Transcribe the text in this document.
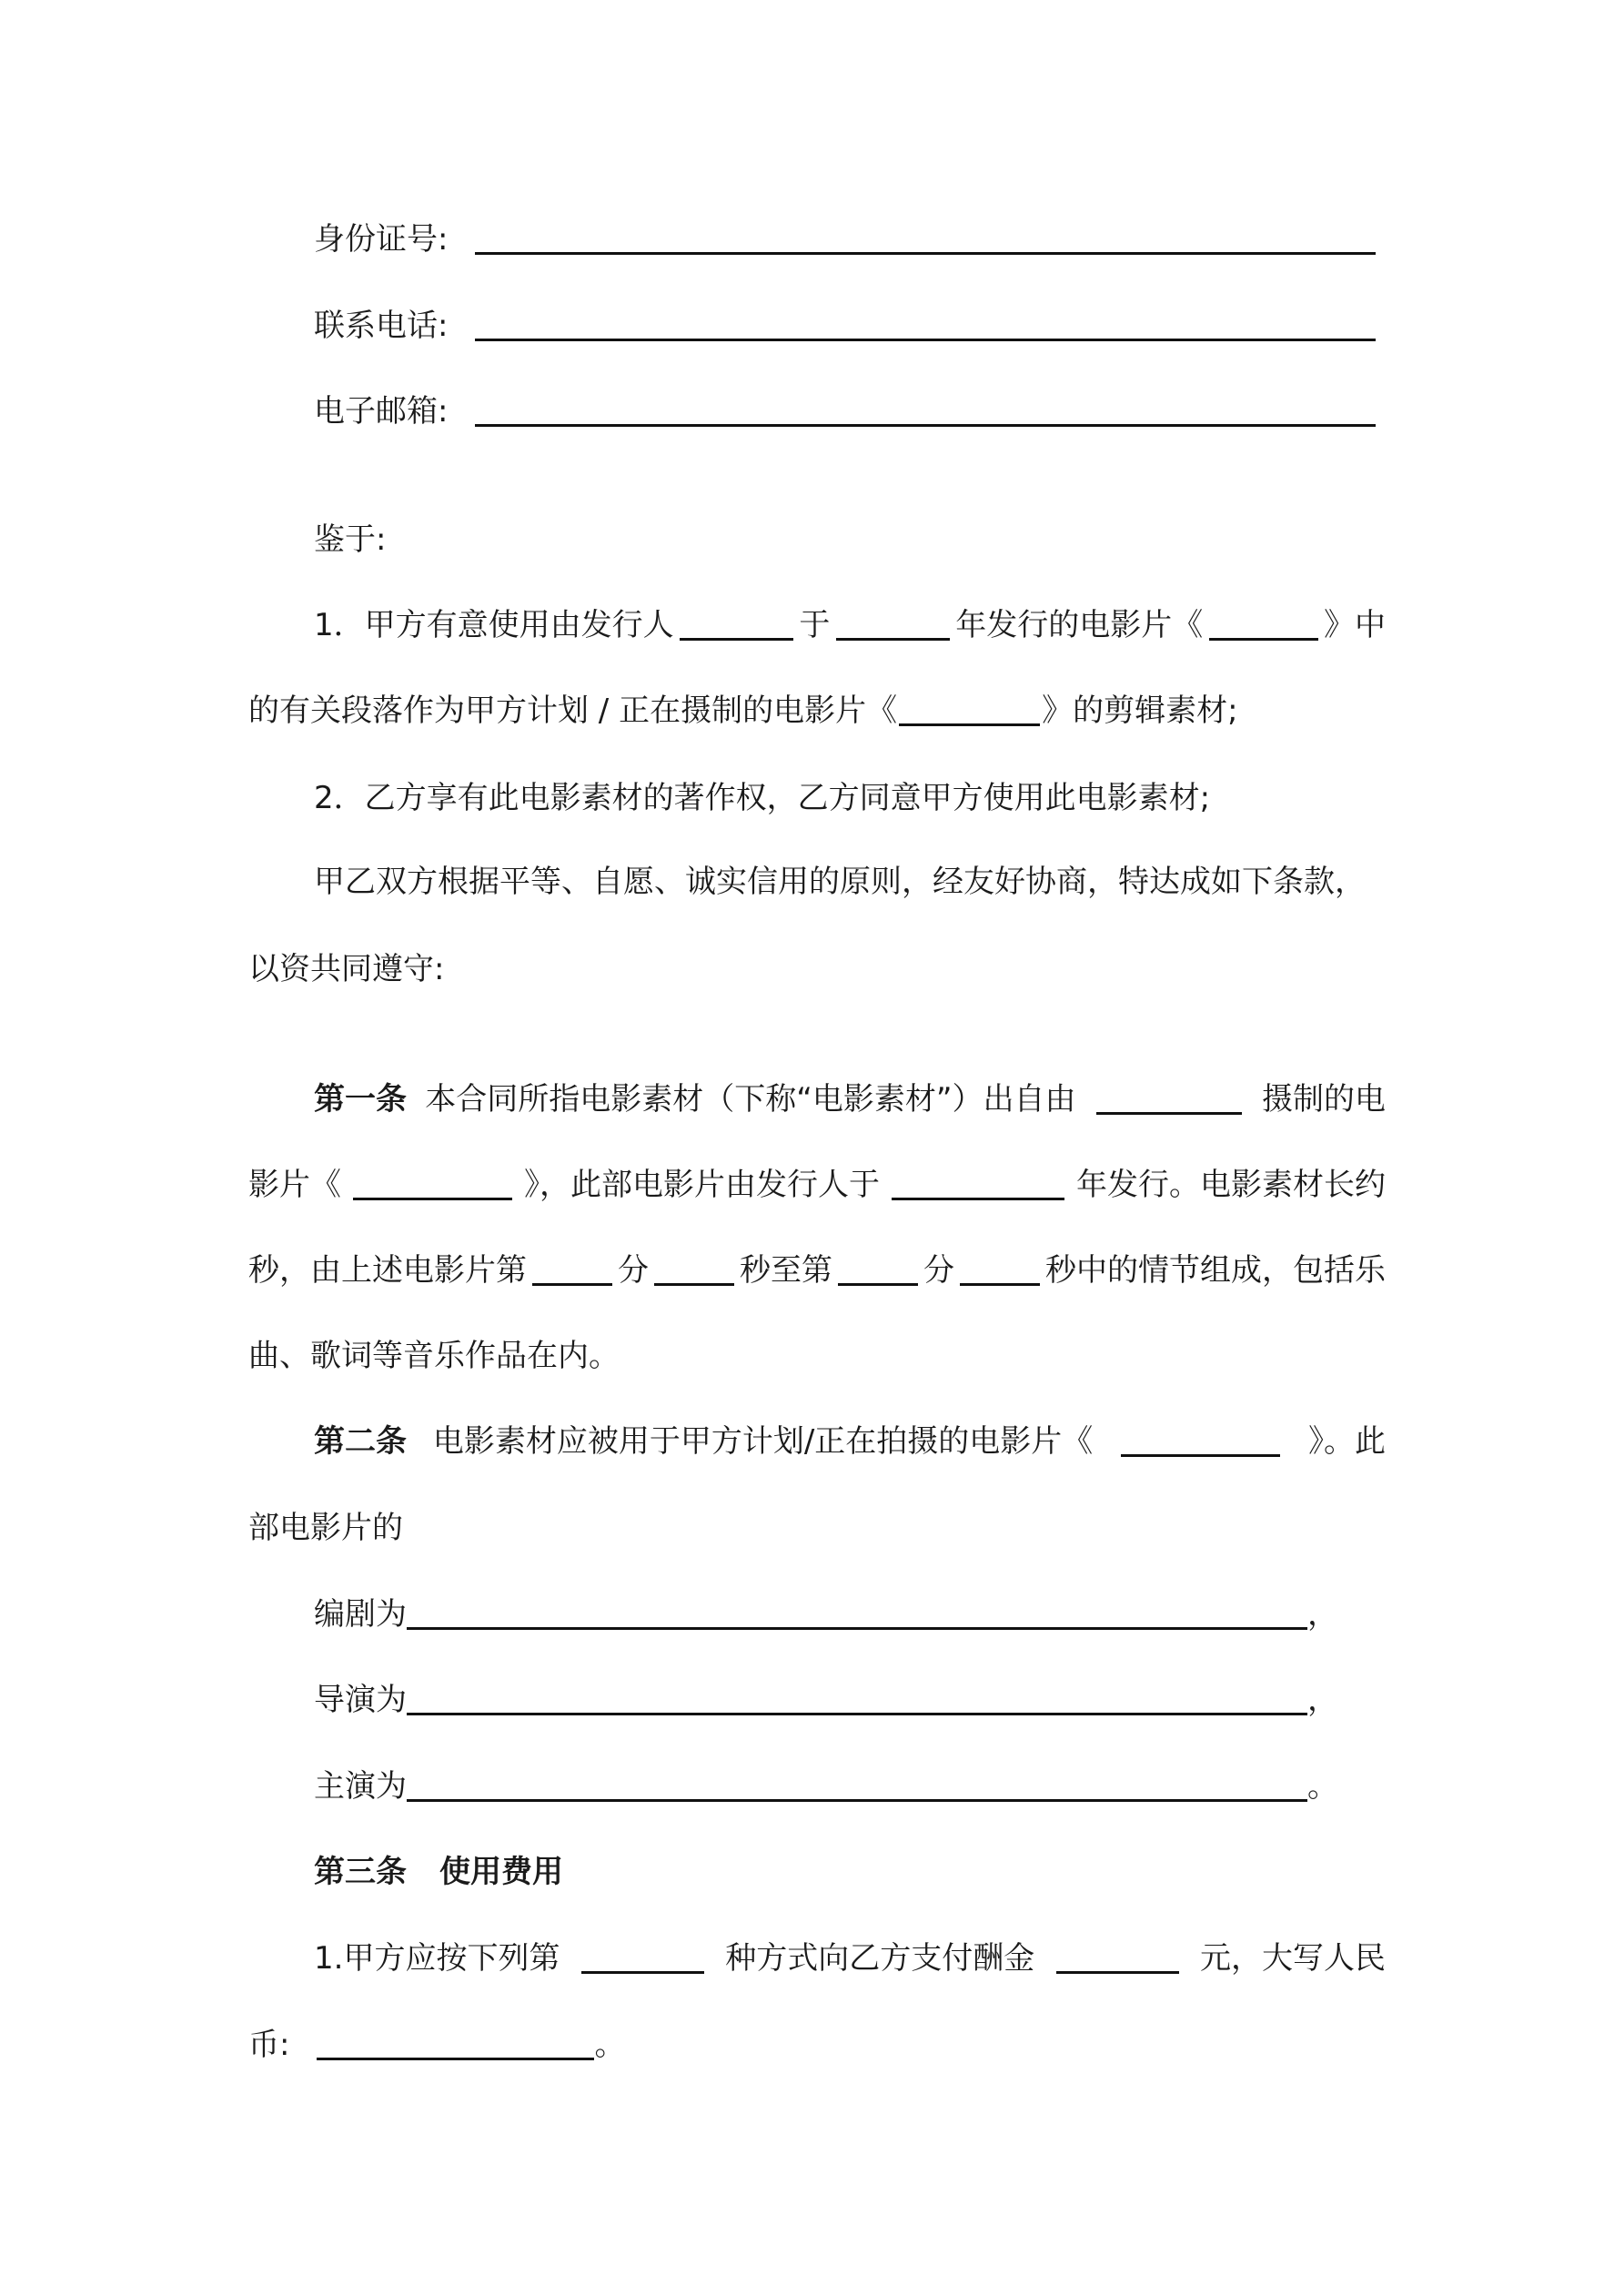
身份证号:
联系电话:
电子邮箱:
鉴于:
1．甲方有意使用由发行人	于	年发行的电影片《	》中
的有关段落作为甲方计划 / 正在摄制的电影片《	》的剪辑素材;
2．乙方享有此电影素材的著作权，乙方同意甲方使用此电影素材;
甲乙双方根据平等、自愿、诚实信用的原则，经友好协商，特达成如下条款，
以资共同遵守:
第一条 本合同所指电影素材（下称“电影素材”）出自由	摄制的电
影片《	》，此部电影片由发行人于	年发行。电影素材长约
秒，由上述电影片第	分	秒至第	分	秒中的情节组成，包括乐
曲、歌词等音乐作品在内。
第二条 电影素材应被用于甲方计划/正在拍摄的电影片《	》。此
部电影片的
编剧为	，
导演为	，
主演为	。
第三条 使用费用
1.甲方应按下列第	种方式向乙方支付酬金	元，大写人民
币:	。
